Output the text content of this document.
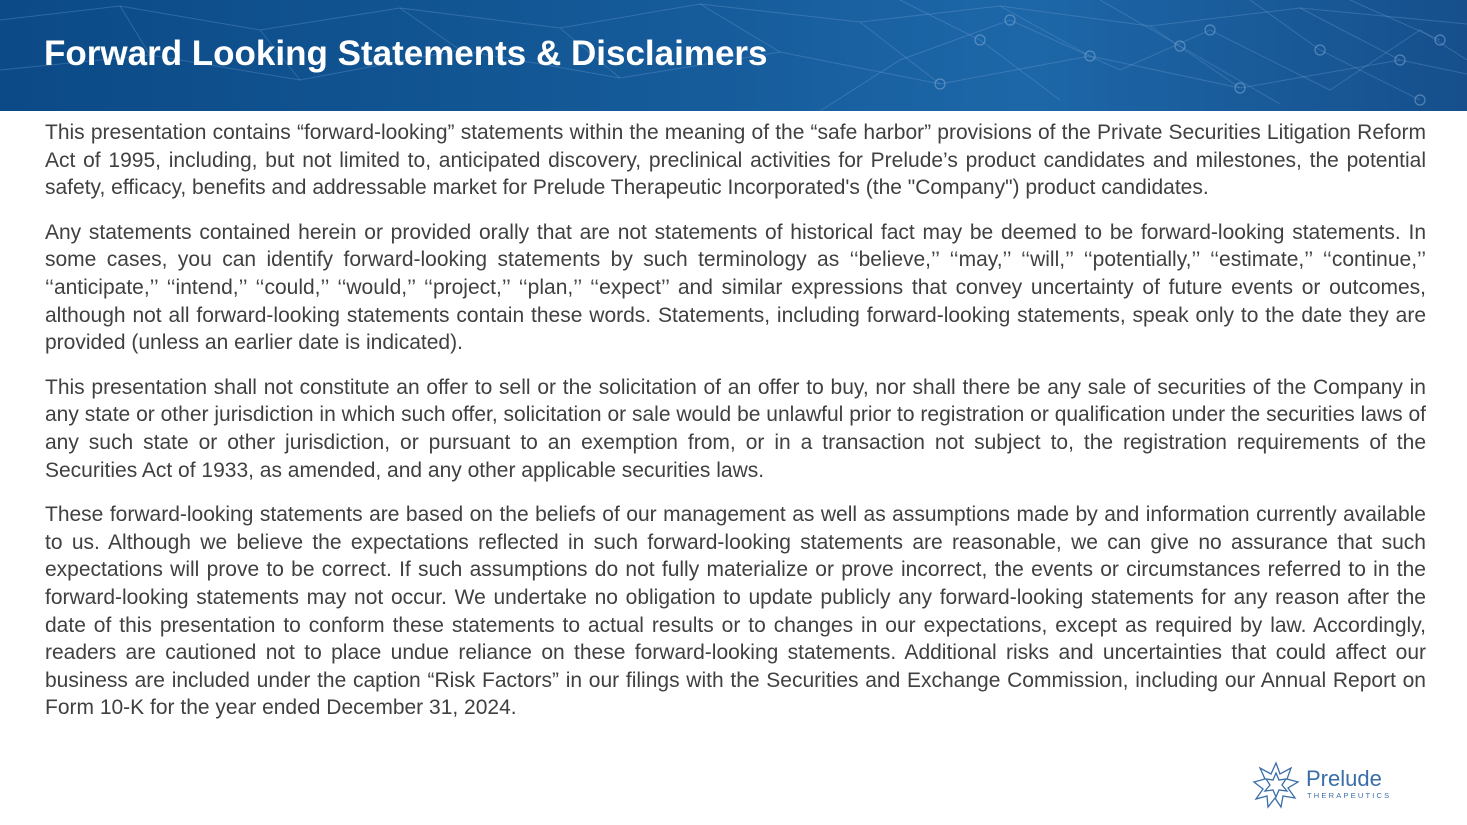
Forward Looking Statements & Disclaimers

This presentation contains “forward-looking” statements within the meaning of the “safe harbor” provisions of the Private Securities Litigation Reform Act of 1995, including, but not limited to, anticipated discovery, preclinical activities for Prelude’s product candidates and milestones, the potential safety, efficacy, benefits and addressable market for Prelude Therapeutic Incorporated's (the "Company") product candidates.

Any statements contained herein or provided orally that are not statements of historical fact may be deemed to be forward-looking statements. In some cases, you can identify forward-looking statements by such terminology as ‘‘believe,’’ ‘‘may,’’ ‘‘will,’’ ‘‘potentially,’’ ‘‘estimate,’’ ‘‘continue,’’ ‘‘anticipate,’’ ‘‘intend,’’ ‘‘could,’’ ‘‘would,’’ ‘‘project,’’ ‘‘plan,’’ ‘‘expect’’ and similar expressions that convey uncertainty of future events or outcomes, although not all forward-looking statements contain these words. Statements, including forward-looking statements, speak only to the date they are provided (unless an earlier date is indicated).

This presentation shall not constitute an offer to sell or the solicitation of an offer to buy, nor shall there be any sale of securities of the Company in any state or other jurisdiction in which such offer, solicitation or sale would be unlawful prior to registration or qualification under the securities laws of any such state or other jurisdiction, or pursuant to an exemption from, or in a transaction not subject to, the registration requirements of the Securities Act of 1933, as amended, and any other applicable securities laws.

These forward-looking statements are based on the beliefs of our management as well as assumptions made by and information currently available to us. Although we believe the expectations reflected in such forward-looking statements are reasonable, we can give no assurance that such expectations will prove to be correct. If such assumptions do not fully materialize or prove incorrect, the events or circumstances referred to in the forward-looking statements may not occur. We undertake no obligation to update publicly any forward-looking statements for any reason after the date of this presentation to conform these statements to actual results or to changes in our expectations, except as required by law. Accordingly, readers are cautioned not to place undue reliance on these forward-looking statements. Additional risks and uncertainties that could affect our business are included under the caption “Risk Factors” in our filings with the Securities and Exchange Commission, including our Annual Report on Form 10-K for the year ended December 31, 2024.

Prelude
THERAPEUTICS
